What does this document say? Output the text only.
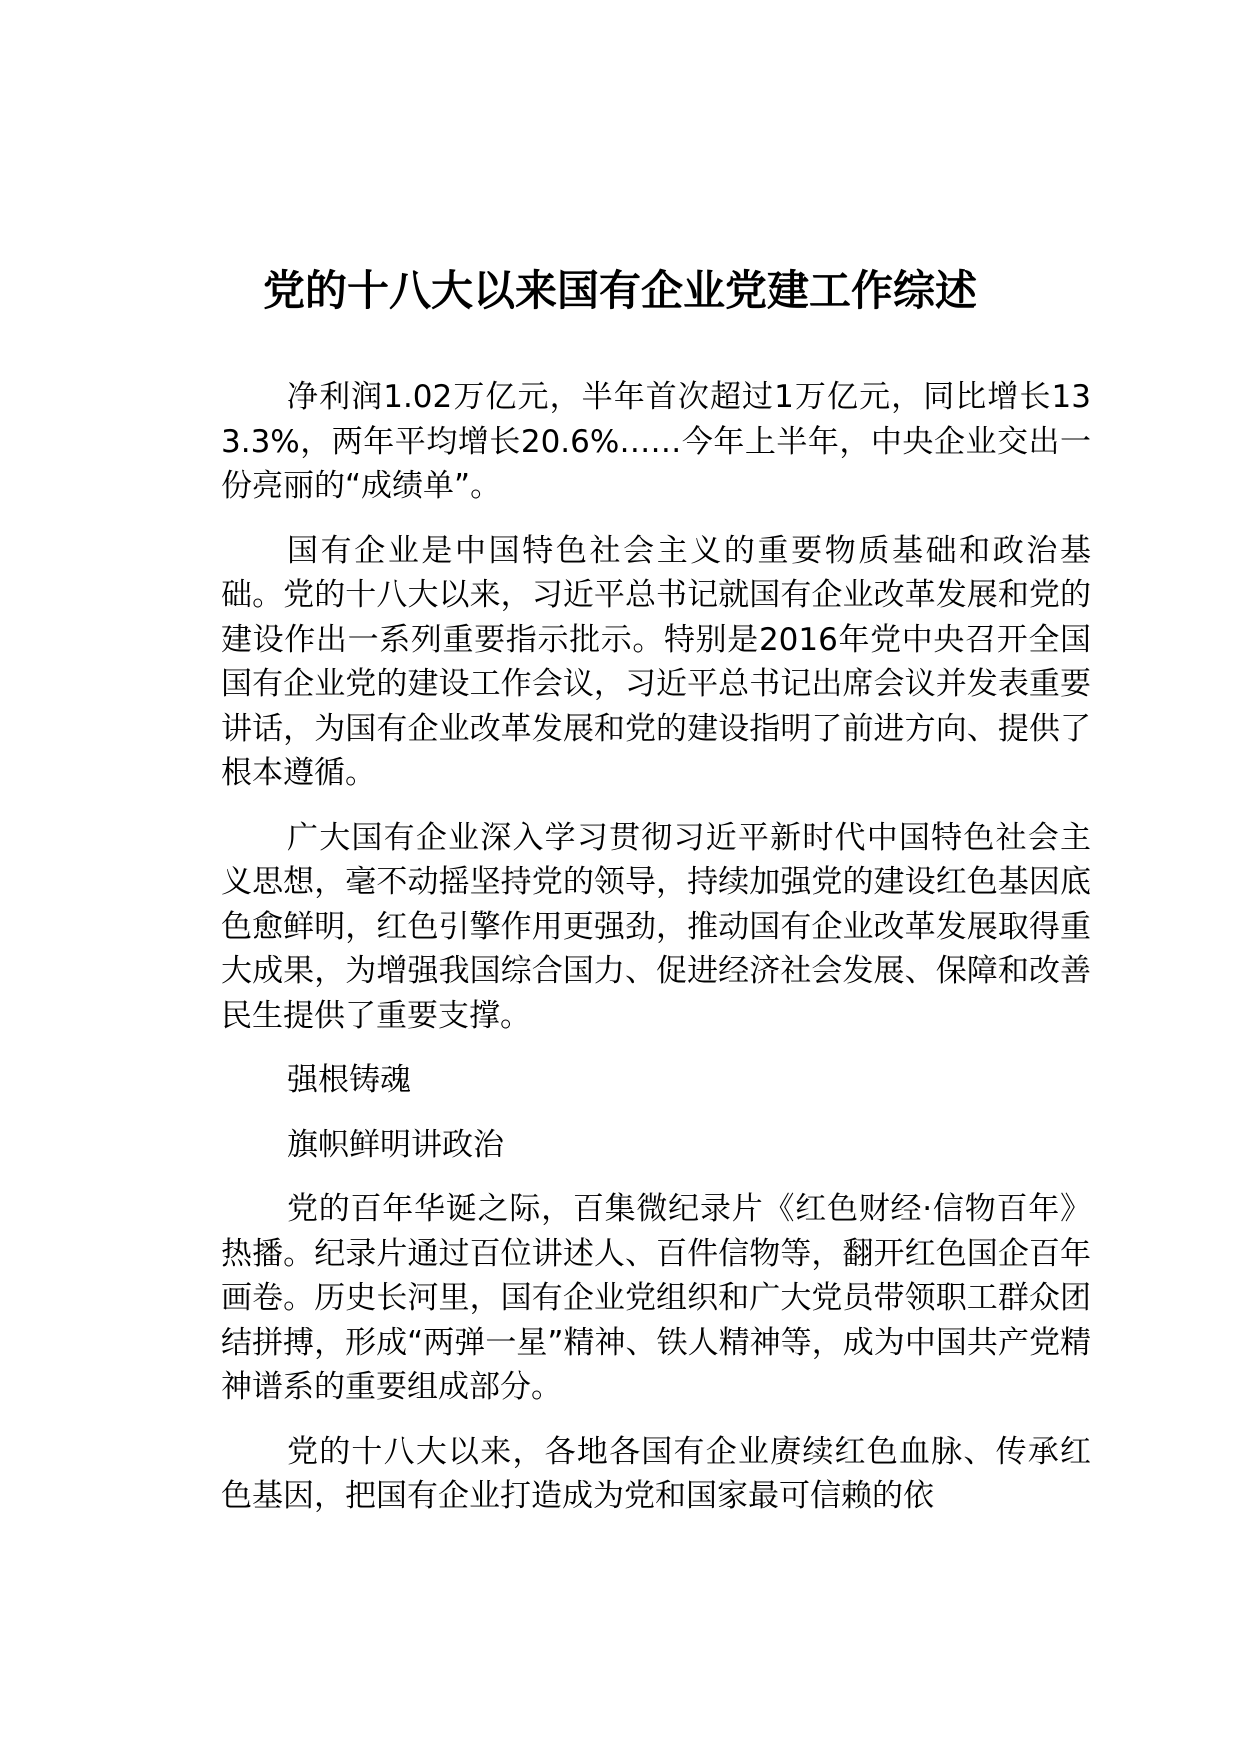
党的十八大以来国有企业党建工作综述

净利润1.02万亿元，半年首次超过1万亿元，同比增长133.3%，两年平均增长20.6%……今年上半年，中央企业交出一份亮丽的“成绩单”。

国有企业是中国特色社会主义的重要物质基础和政治基础。党的十八大以来，习近平总书记就国有企业改革发展和党的建设作出一系列重要指示批示。特别是2016年党中央召开全国国有企业党的建设工作会议，习近平总书记出席会议并发表重要讲话，为国有企业改革发展和党的建设指明了前进方向、提供了根本遵循。

广大国有企业深入学习贯彻习近平新时代中国特色社会主义思想，毫不动摇坚持党的领导，持续加强党的建设红色基因底色愈鲜明，红色引擎作用更强劲，推动国有企业改革发展取得重大成果，为增强我国综合国力、促进经济社会发展、保障和改善民生提供了重要支撑。

强根铸魂

旗帜鲜明讲政治

党的百年华诞之际，百集微纪录片《红色财经·信物百年》热播。纪录片通过百位讲述人、百件信物等，翻开红色国企百年画卷。历史长河里，国有企业党组织和广大党员带领职工群众团结拼搏，形成“两弹一星”精神、铁人精神等，成为中国共产党精神谱系的重要组成部分。

党的十八大以来，各地各国有企业赓续红色血脉、传承红色基因，把国有企业打造成为党和国家最可信赖的依
